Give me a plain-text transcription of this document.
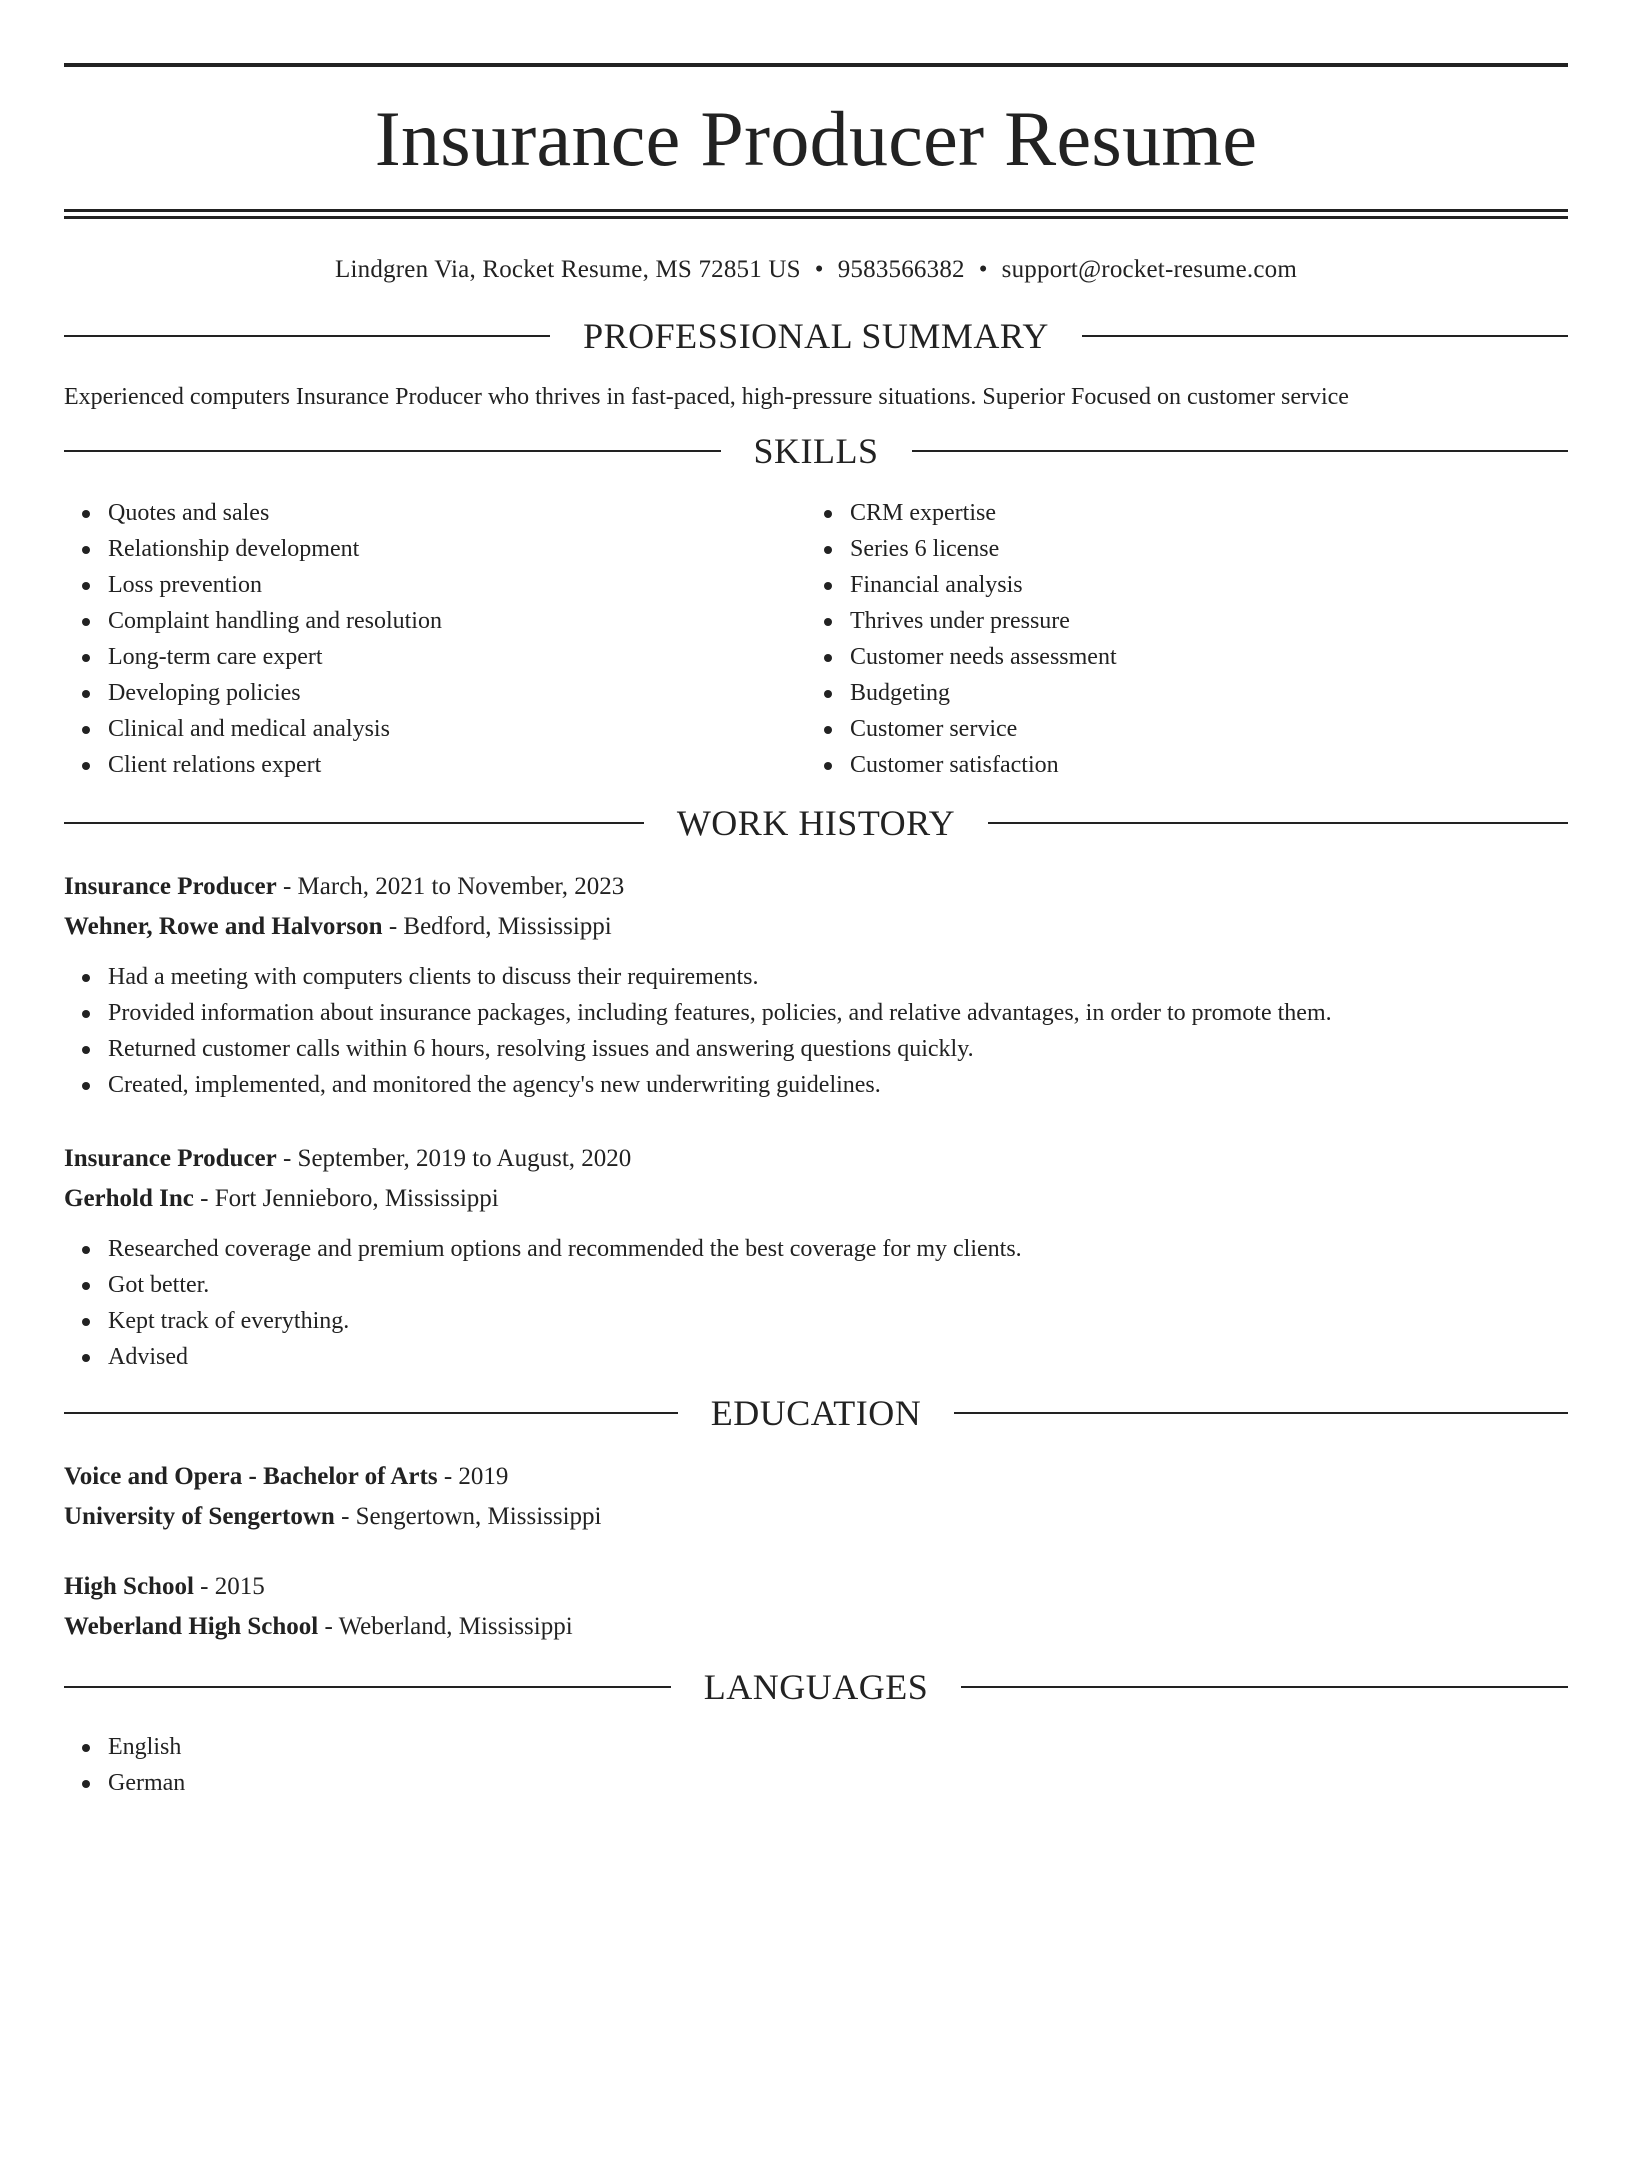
Insurance Producer Resume
Lindgren Via, Rocket Resume, MS 72851 US • 9583566382 • support@rocket-resume.com
PROFESSIONAL SUMMARY
Experienced computers Insurance Producer who thrives in fast-paced, high-pressure situations. Superior Focused on customer service
SKILLS
Quotes and sales
Relationship development
Loss prevention
Complaint handling and resolution
Long-term care expert
Developing policies
Clinical and medical analysis
Client relations expert
CRM expertise
Series 6 license
Financial analysis
Thrives under pressure
Customer needs assessment
Budgeting
Customer service
Customer satisfaction
WORK HISTORY
Insurance Producer - March, 2021 to November, 2023
Wehner, Rowe and Halvorson - Bedford, Mississippi
Had a meeting with computers clients to discuss their requirements.
Provided information about insurance packages, including features, policies, and relative advantages, in order to promote them.
Returned customer calls within 6 hours, resolving issues and answering questions quickly.
Created, implemented, and monitored the agency's new underwriting guidelines.
Insurance Producer - September, 2019 to August, 2020
Gerhold Inc - Fort Jennieboro, Mississippi
Researched coverage and premium options and recommended the best coverage for my clients.
Got better.
Kept track of everything.
Advised
EDUCATION
Voice and Opera - Bachelor of Arts - 2019
University of Sengertown - Sengertown, Mississippi
High School - 2015
Weberland High School - Weberland, Mississippi
LANGUAGES
English
German
